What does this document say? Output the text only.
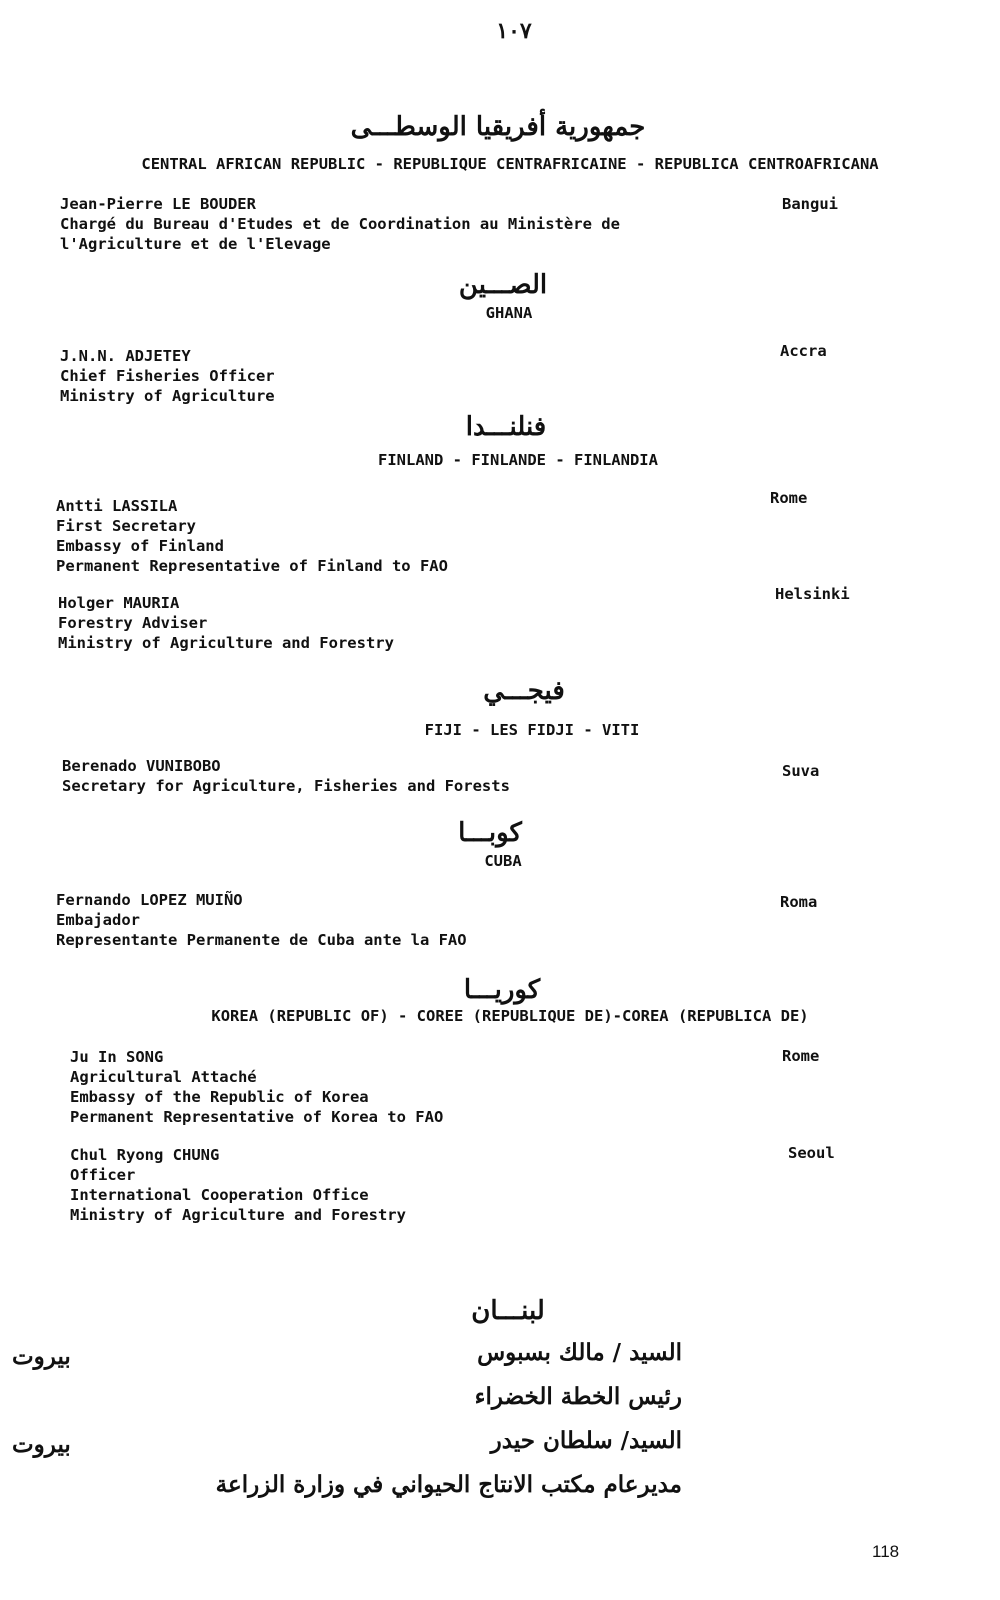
١٠٧
جمهورية أفريقيا الوسطـــى
CENTRAL AFRICAN REPUBLIC - REPUBLIQUE CENTRAFRICAINE - REPUBLICA CENTROAFRICANA
Jean-Pierre LE BOUDER
Chargé du Bureau d'Etudes et de Coordination au Ministère de
l'Agriculture et de l'Elevage
Bangui
الصـــين
GHANA
J.N.N. ADJETEY
Chief Fisheries Officer
Ministry of Agriculture
Accra
فنلنـــدا
FINLAND - FINLANDE - FINLANDIA
Antti LASSILA
First Secretary
Embassy of Finland
Permanent Representative of Finland to FAO
Rome
Holger MAURIA
Forestry Adviser
Ministry of Agriculture and Forestry
Helsinki
فيجـــي
FIJI - LES FIDJI - VITI
Berenado VUNIBOBO
Secretary for Agriculture, Fisheries and Forests
Suva
كوبـــا
CUBA
Fernando LOPEZ MUIÑO
Embajador
Representante Permanente de Cuba ante la FAO
Roma
كوريـــا
KOREA (REPUBLIC OF) - COREE (REPUBLIQUE DE)-COREA (REPUBLICA DE)
Ju In SONG
Agricultural Attaché
Embassy of the Republic of Korea
Permanent Representative of Korea to FAO
Rome
Chul Ryong CHUNG
Officer
International Cooperation Office
Ministry of Agriculture and Forestry
Seoul
لبنـــان
السيد / مالك بسبوس
بيروت
رئيس الخطة الخضراء
السيد/ سلطان حيدر
بيروت
مديرعام مكتب الانتاج الحيواني في وزارة الزراعة
118
